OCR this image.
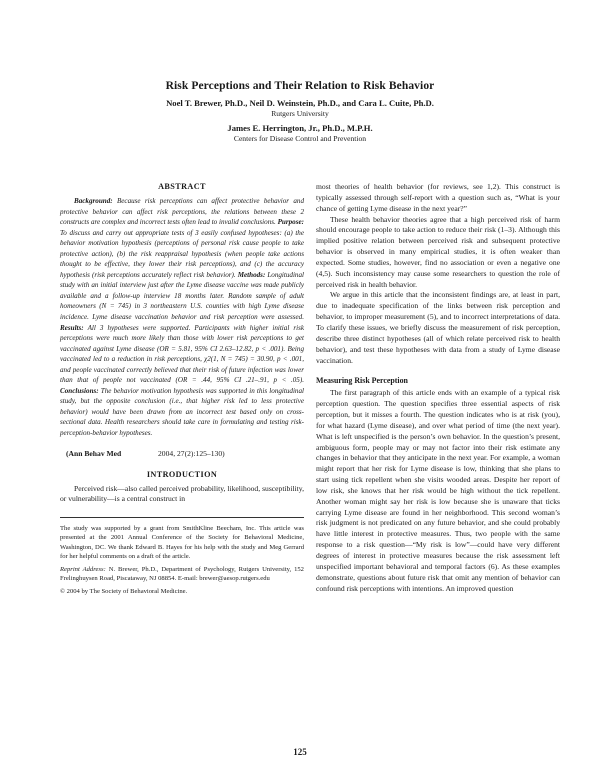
Risk Perceptions and Their Relation to Risk Behavior
Noel T. Brewer, Ph.D., Neil D. Weinstein, Ph.D., and Cara L. Cuite, Ph.D.
Rutgers University
James E. Herrington, Jr., Ph.D., M.P.H.
Centers for Disease Control and Prevention
ABSTRACT

Background: Because risk perceptions can affect protective behavior and protective behavior can affect risk perceptions, the relations between these 2 constructs are complex and incorrect tests often lead to invalid conclusions. Purpose: To discuss and carry out appropriate tests of 3 easily confused hypotheses: (a) the behavior motivation hypothesis (perceptions of personal risk cause people to take protective action), (b) the risk reappraisal hypothesis (when people take actions thought to be effective, they lower their risk perceptions), and (c) the accuracy hypothesis (risk perceptions accurately reflect risk behavior). Methods: Longitudinal study with an initial interview just after the Lyme disease vaccine was made publicly available and a follow-up interview 18 months later. Random sample of adult homeowners (N = 745) in 3 northeastern U.S. counties with high Lyme disease incidence. Lyme disease vaccination behavior and risk perception were assessed. Results: All 3 hypotheses were supported. Participants with higher initial risk perceptions were much more likely than those with lower risk perceptions to get vaccinated against Lyme disease (OR = 5.81, 95% CI 2.63–12.82, p < .001). Being vaccinated led to a reduction in risk perceptions, χ2(1, N = 745) = 30.90, p < .001, and people vaccinated correctly believed that their risk of future infection was lower than that of people not vaccinated (OR = .44, 95% CI .21–.91, p < .05). Conclusions: The behavior motivation hypothesis was supported in this longitudinal study, but the opposite conclusion (i.e., that higher risk led to less protective behavior) would have been drawn from an incorrect test based only on cross-sectional data. Health researchers should take care in formulating and testing risk-perception-behavior hypotheses.

(Ann Behav Med	2004, 27(2):125–130)
INTRODUCTION

Perceived risk—also called perceived probability, likelihood, susceptibility, or vulnerability—is a central construct in

The study was supported by a grant from SmithKline Beecham, Inc. This article was presented at the 2001 Annual Conference of the Society for Behavioral Medicine, Washington, DC. We thank Edward B. Hayes for his help with the study and Meg Gerrard for her helpful comments on a draft of the article.

Reprint Address: N. Brewer, Ph.D., Department of Psychology, Rutgers University, 152 Frelinghuysen Road, Piscataway, NJ 08854. E-mail: brewer@aesop.rutgers.edu

© 2004 by The Society of Behavioral Medicine.

most theories of health behavior (for reviews, see 1,2). This construct is typically assessed through self-report with a question such as, “What is your chance of getting Lyme disease in the next year?”

These health behavior theories agree that a high perceived risk of harm should encourage people to take action to reduce their risk (1–3). Although this implied positive relation between perceived risk and subsequent protective behavior is observed in many empirical studies, it is often weaker than expected. Some studies, however, find no association or even a negative one (4,5). Such inconsistency may cause some researchers to question the role of perceived risk in health behavior.

We argue in this article that the inconsistent findings are, at least in part, due to inadequate specification of the links between risk perception and behavior, to improper measurement (5), and to incorrect interpretations of data. To clarify these issues, we briefly discuss the measurement of risk perception, describe three distinct hypotheses (all of which relate perceived risk to health behavior), and test these hypotheses with data from a study of Lyme disease vaccination.

Measuring Risk Perception

The first paragraph of this article ends with an example of a typical risk perception question. The question specifies three essential aspects of risk perception, but it misses a fourth. The question indicates who is at risk (you), for what hazard (Lyme disease), and over what period of time (the next year). What is left unspecified is the person’s own behavior. In the question’s present, ambiguous form, people may or may not factor into their risk estimate any changes in behavior that they anticipate in the next year. For example, a woman might report that her risk for Lyme disease is low, thinking that she plans to start using tick repellent when she visits wooded areas. Despite her report of low risk, she knows that her risk would be high without the tick repellent. Another woman might say her risk is low because she is unaware that ticks carrying Lyme disease are found in her neighborhood. This second woman’s risk judgment is not predicated on any future behavior, and she could probably have little interest in protective measures. Thus, two people with the same response to a risk question—“My risk is low”—could have very different degrees of interest in protective measures because the risk assessment left unspecified important behavioral and temporal factors (6). As these examples demonstrate, questions about future risk that omit any mention of behavior can confound risk perceptions with intentions. An improved question

125
